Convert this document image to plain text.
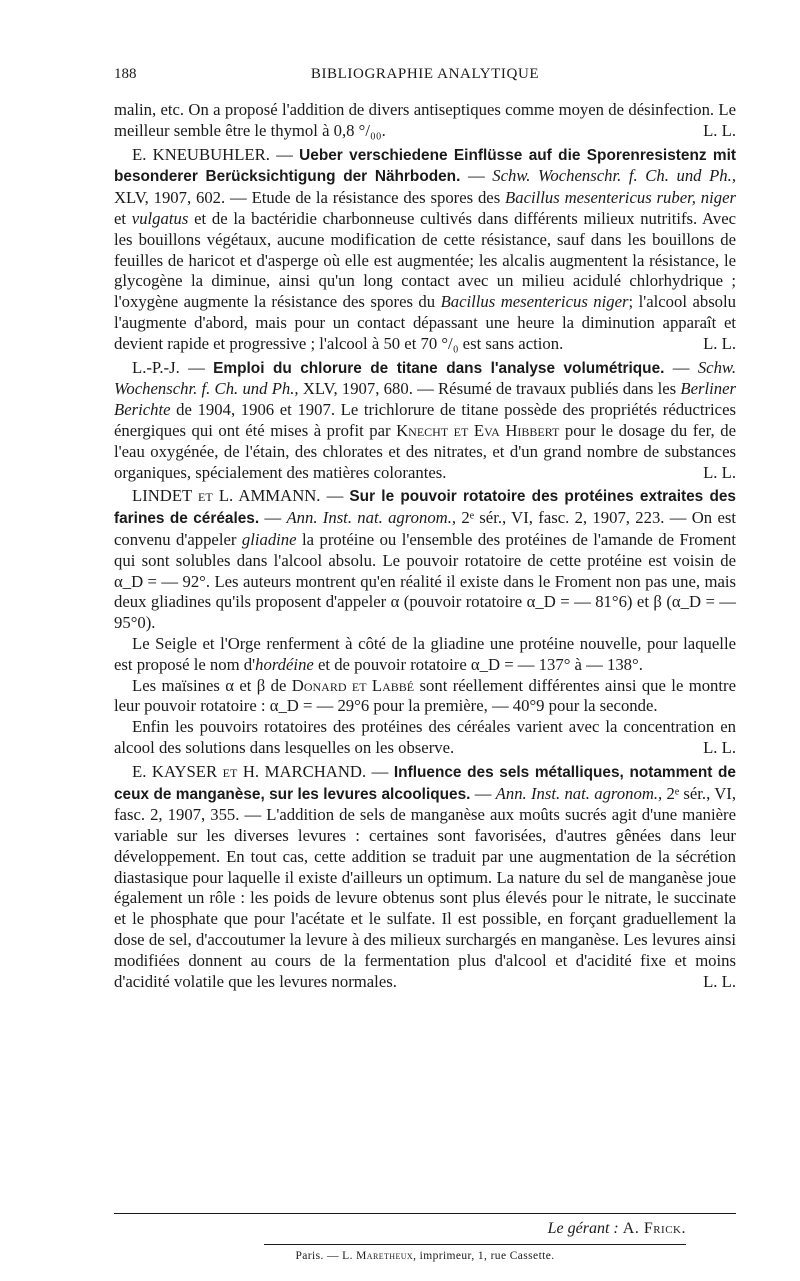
188	BIBLIOGRAPHIE ANALYTIQUE

malin, etc. On a proposé l'addition de divers antiseptiques comme moyen de désinfection. Le meilleur semble être le thymol à 0,8 °/₀₀.	L. L.

E. KNEUBUHLER. — Ueber verschiedene Einflüsse auf die Sporenresistenz mit besonderer Berücksichtigung der Nährboden. — Schw. Wochenschr. f. Ch. und Ph., XLV, 1907, 602. — Etude de la résistance des spores des Bacillus mesentericus ruber, niger et vulgatus et de la bactéridie charbonneuse cultivés dans différents milieux nutritifs. Avec les bouillons végétaux, aucune modification de cette résistance, sauf dans les bouillons de feuilles de haricot et d'asperge où elle est augmentée; les alcalis augmentent la résistance, le glycogène la diminue, ainsi qu'un long contact avec un milieu acidulé chlorhydrique ; l'oxygène augmente la résistance des spores du Bacillus mesentericus niger; l'alcool absolu l'augmente d'abord, mais pour un contact dépassant une heure la diminution apparaît et devient rapide et progressive ; l'alcool à 50 et 70 °/₀ est sans action.	L. L.

L.-P.-J. — Emploi du chlorure de titane dans l'analyse volumétrique. — Schw. Wochenschr. f. Ch. und Ph., XLV, 1907, 680. — Résumé de travaux publiés dans les Berliner Berichte de 1904, 1906 et 1907. Le trichlorure de titane possède des propriétés réductrices énergiques qui ont été mises à profit par Knecht et Eva Hibbert pour le dosage du fer, de l'eau oxygénée, de l'étain, des chlorates et des nitrates, et d'un grand nombre de substances organiques, spécialement des matières colorantes.	L. L.

LINDET et L. AMMANN. — Sur le pouvoir rotatoire des protéines extraites des farines de céréales. — Ann. Inst. nat. agronom., 2ᵉ sér., VI, fasc. 2, 1907, 223. — On est convenu d'appeler gliadine la protéine ou l'ensemble des protéines de l'amande de Froment qui sont solubles dans l'alcool absolu. Le pouvoir rotatoire de cette protéine est voisin de α_D = — 92°. Les auteurs montrent qu'en réalité il existe dans le Froment non pas une, mais deux gliadines qu'ils proposent d'appeler α (pouvoir rotatoire α_D = — 81°6) et β (α_D = — 95°0).

Le Seigle et l'Orge renferment à côté de la gliadine une protéine nouvelle, pour laquelle est proposé le nom d'hordéine et de pouvoir rotatoire α_D = — 137° à — 138°.

Les maïsines α et β de Donard et Labbé sont réellement différentes ainsi que le montre leur pouvoir rotatoire : α_D = — 29°6 pour la première, — 40°9 pour la seconde.

Enfin les pouvoirs rotatoires des protéines des céréales varient avec la concentration en alcool des solutions dans lesquelles on les observe.	L. L.

E. KAYSER et H. MARCHAND. — Influence des sels métalliques, notamment de ceux de manganèse, sur les levures alcooliques. — Ann. Inst. nat. agronom., 2ᵉ sér., VI, fasc. 2, 1907, 355. — L'addition de sels de manganèse aux moûts sucrés agit d'une manière variable sur les diverses levures : certaines sont favorisées, d'autres gênées dans leur développement. En tout cas, cette addition se traduit par une augmentation de la sécrétion diastasique pour laquelle il existe d'ailleurs un optimum. La nature du sel de manganèse joue également un rôle : les poids de levure obtenus sont plus élevés pour le nitrate, le succinate et le phosphate que pour l'acétate et le sulfate. Il est possible, en forçant graduellement la dose de sel, d'accoutumer la levure à des milieux surchargés en manganèse. Les levures ainsi modifiées donnent au cours de la fermentation plus d'alcool et d'acidité fixe et moins d'acidité volatile que les levures normales.	L. L.

Le gérant : A. Frick.
Paris. — L. Maretheux, imprimeur, 1, rue Cassette.
